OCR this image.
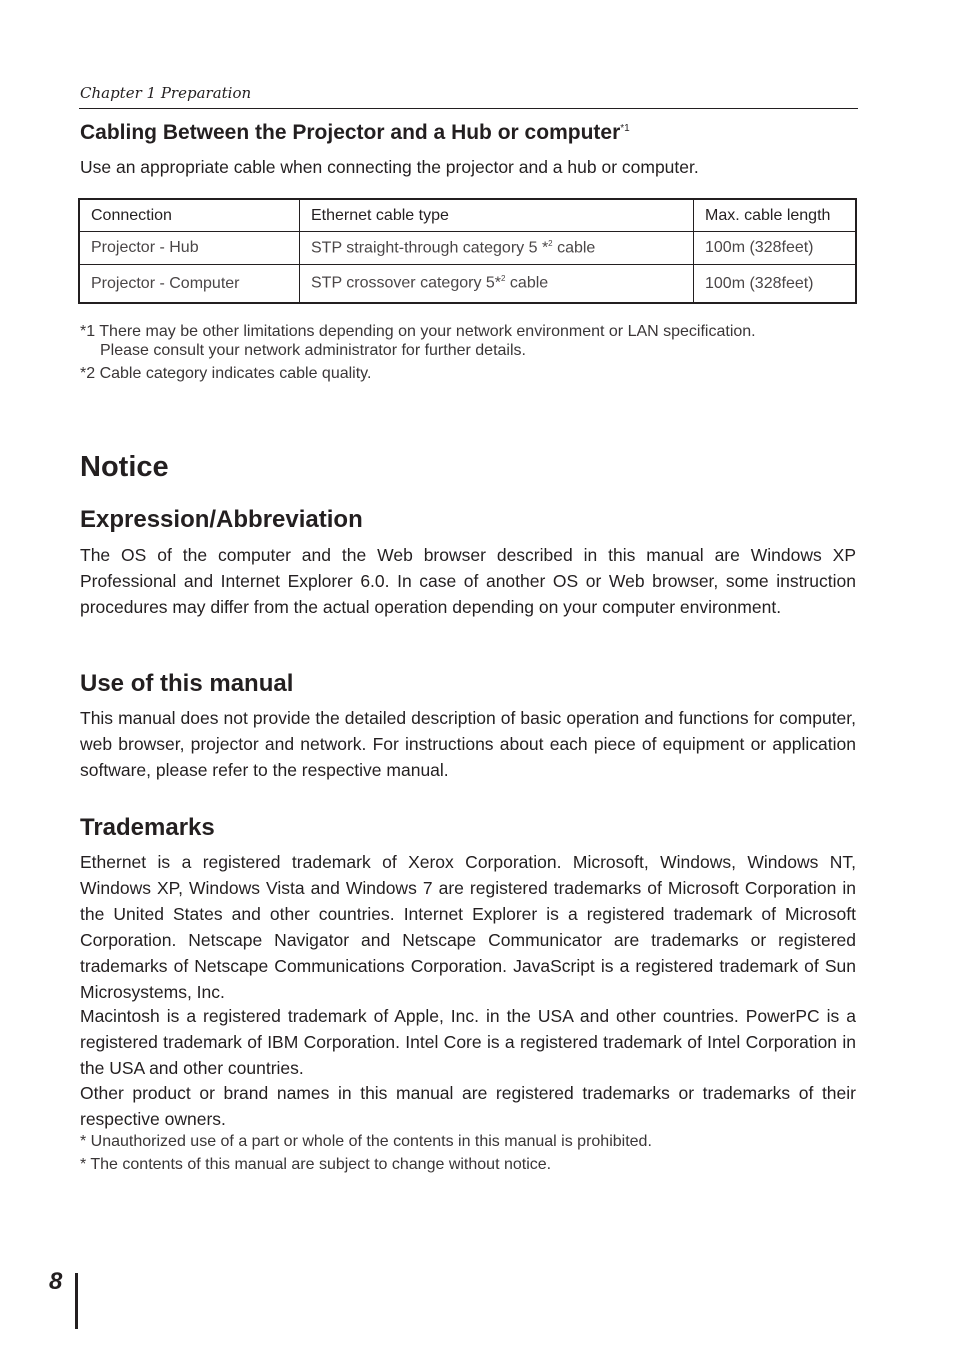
Chapter 1 Preparation
Cabling Between the Projector and a Hub or computer$^{*1}$

Use an appropriate cable when connecting the projector and a hub or computer.

Connection	Ethernet cable type	Max. cable length
Projector - Hub	STP straight-through category 5 *$^2$ cable	100m (328feet)
Projector - Computer	STP crossover category 5*$^2$ cable	100m (328feet)

*1 There may be other limitations depending on your network environment or LAN specification.

Please consult your network administrator for further details.

*2 Cable category indicates cable quality.

Notice
Expression/Abbreviation

The OS of the computer and the Web browser described in this manual are Windows XP Professional and Internet Explorer 6.0. In case of another OS or Web browser, some instruction procedures may differ from the actual operation depending on your computer environment.

Use of this manual

This manual does not provide the detailed description of basic operation and functions for computer, web browser, projector and network. For instructions about each piece of equipment or application software, please refer to the respective manual.

Trademarks

Ethernet is a registered trademark of Xerox Corporation. Microsoft, Windows, Windows NT, Windows XP, Windows Vista and Windows 7 are registered trademarks of Microsoft Corporation in the United States and other countries. Internet Explorer is a registered trademark of Microsoft Corporation. Netscape Navigator and Netscape Communicator are trademarks or registered trademarks of Netscape Communications Corporation. JavaScript is a registered trademark of Sun Microsystems, Inc.

Macintosh is a registered trademark of Apple, Inc. in the USA and other countries. PowerPC is a registered trademark of IBM Corporation. Intel Core is a registered trademark of Intel Corporation in the USA and other countries.

Other product or brand names in this manual are registered trademarks or trademarks of their respective owners.

* Unauthorized use of a part or whole of the contents in this manual is prohibited.

* The contents of this manual are subject to change without notice.

8
